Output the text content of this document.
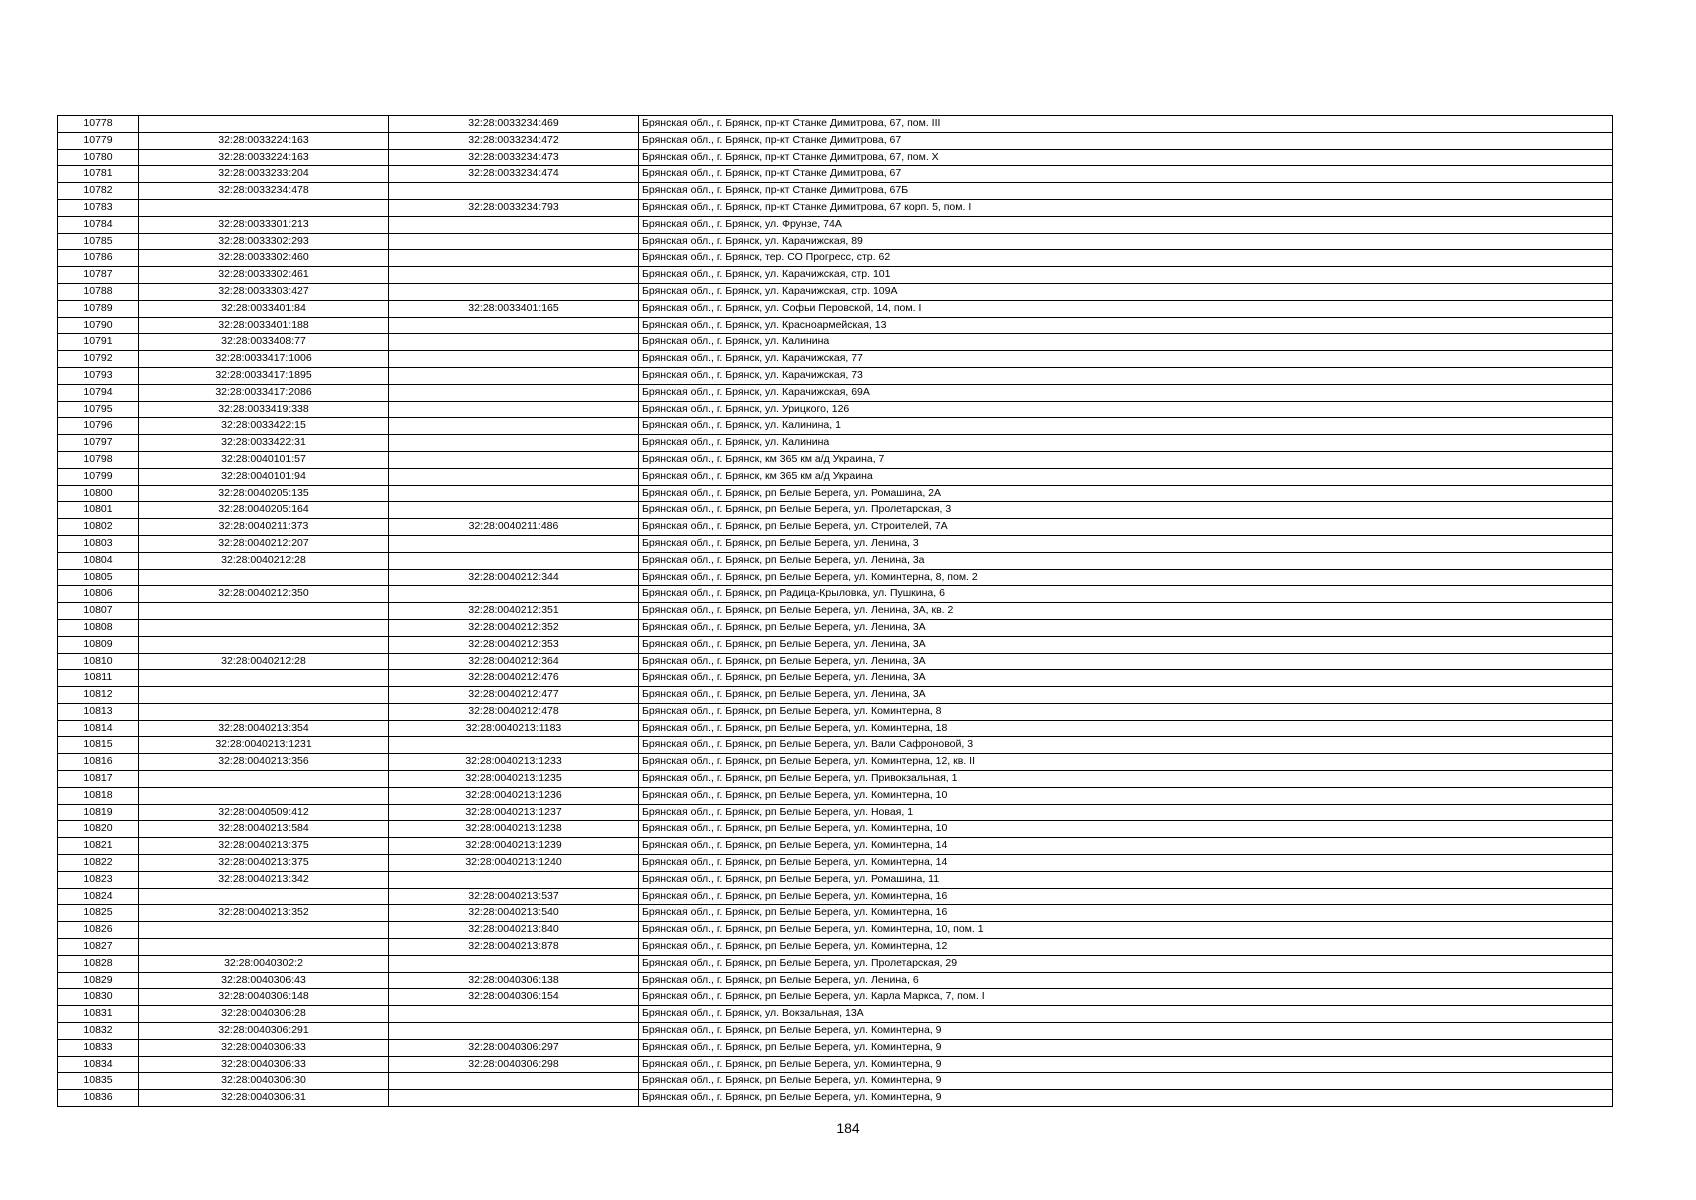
10778		32:28:0033234:469	Брянская обл., г. Брянск, пр-кт Станке Димитрова, 67, пом. III
10779	32:28:0033224:163	32:28:0033234:472	Брянская обл., г. Брянск, пр-кт Станке Димитрова, 67
10780	32:28:0033224:163	32:28:0033234:473	Брянская обл., г. Брянск, пр-кт Станке Димитрова, 67, пом. X
10781	32:28:0033233:204	32:28:0033234:474	Брянская обл., г. Брянск, пр-кт Станке Димитрова, 67
10782	32:28:0033234:478		Брянская обл., г. Брянск, пр-кт Станке Димитрова, 67Б
10783		32:28:0033234:793	Брянская обл., г. Брянск, пр-кт Станке Димитрова, 67 корп. 5, пом. I
10784	32:28:0033301:213		Брянская обл., г. Брянск, ул. Фрунзе, 74А
10785	32:28:0033302:293		Брянская обл., г. Брянск, ул. Карачижская, 89
10786	32:28:0033302:460		Брянская обл., г. Брянск, тер. СО Прогресс, стр. 62
10787	32:28:0033302:461		Брянская обл., г. Брянск, ул. Карачижская, стр. 101
10788	32:28:0033303:427		Брянская обл., г. Брянск, ул. Карачижская, стр. 109А
10789	32:28:0033401:84	32:28:0033401:165	Брянская обл., г. Брянск, ул. Софьи Перовской, 14, пом. I
10790	32:28:0033401:188		Брянская обл., г. Брянск, ул. Красноармейская, 13
10791	32:28:0033408:77		Брянская обл., г. Брянск, ул. Калинина
10792	32:28:0033417:1006		Брянская обл., г. Брянск, ул. Карачижская, 77
10793	32:28:0033417:1895		Брянская обл., г. Брянск, ул. Карачижская, 73
10794	32:28:0033417:2086		Брянская обл., г. Брянск, ул. Карачижская, 69А
10795	32:28:0033419:338		Брянская обл., г. Брянск, ул. Урицкого, 126
10796	32:28:0033422:15		Брянская обл., г. Брянск, ул. Калинина, 1
10797	32:28:0033422:31		Брянская обл., г. Брянск, ул. Калинина
10798	32:28:0040101:57		Брянская обл., г. Брянск, км 365 км а/д Украина, 7
10799	32:28:0040101:94		Брянская обл., г. Брянск, км 365 км а/д Украина
10800	32:28:0040205:135		Брянская обл., г. Брянск, рп Белые Берега, ул. Ромашина, 2А
10801	32:28:0040205:164		Брянская обл., г. Брянск, рп Белые Берега, ул. Пролетарская, 3
10802	32:28:0040211:373	32:28:0040211:486	Брянская обл., г. Брянск, рп Белые Берега, ул. Строителей, 7А
10803	32:28:0040212:207		Брянская обл., г. Брянск, рп Белые Берега, ул. Ленина, 3
10804	32:28:0040212:28		Брянская обл., г. Брянск, рп Белые Берега, ул. Ленина, 3а
10805		32:28:0040212:344	Брянская обл., г. Брянск, рп Белые Берега, ул. Коминтерна, 8, пом. 2
10806	32:28:0040212:350		Брянская обл., г. Брянск, рп Радица-Крыловка, ул. Пушкина, 6
10807		32:28:0040212:351	Брянская обл., г. Брянск, рп Белые Берега, ул. Ленина, 3А, кв. 2
10808		32:28:0040212:352	Брянская обл., г. Брянск, рп Белые Берега, ул. Ленина, 3А
10809		32:28:0040212:353	Брянская обл., г. Брянск, рп Белые Берега, ул. Ленина, 3А
10810	32:28:0040212:28	32:28:0040212:364	Брянская обл., г. Брянск, рп Белые Берега, ул. Ленина, 3А
10811		32:28:0040212:476	Брянская обл., г. Брянск, рп Белые Берега, ул. Ленина, 3А
10812		32:28:0040212:477	Брянская обл., г. Брянск, рп Белые Берега, ул. Ленина, 3А
10813		32:28:0040212:478	Брянская обл., г. Брянск, рп Белые Берега, ул. Коминтерна, 8
10814	32:28:0040213:354	32:28:0040213:1183	Брянская обл., г. Брянск, рп Белые Берега, ул. Коминтерна, 18
10815	32:28:0040213:1231		Брянская обл., г. Брянск, рп Белые Берега, ул. Вали Сафроновой, 3
10816	32:28:0040213:356	32:28:0040213:1233	Брянская обл., г. Брянск, рп Белые Берега, ул. Коминтерна, 12, кв. II
10817		32:28:0040213:1235	Брянская обл., г. Брянск, рп Белые Берега, ул. Привокзальная, 1
10818		32:28:0040213:1236	Брянская обл., г. Брянск, рп Белые Берега, ул. Коминтерна, 10
10819	32:28:0040509:412	32:28:0040213:1237	Брянская обл., г. Брянск, рп Белые Берега, ул. Новая, 1
10820	32:28:0040213:584	32:28:0040213:1238	Брянская обл., г. Брянск, рп Белые Берега, ул. Коминтерна, 10
10821	32:28:0040213:375	32:28:0040213:1239	Брянская обл., г. Брянск, рп Белые Берега, ул. Коминтерна, 14
10822	32:28:0040213:375	32:28:0040213:1240	Брянская обл., г. Брянск, рп Белые Берега, ул. Коминтерна, 14
10823	32:28:0040213:342		Брянская обл., г. Брянск, рп Белые Берега, ул. Ромашина, 11
10824		32:28:0040213:537	Брянская обл., г. Брянск, рп Белые Берега, ул. Коминтерна, 16
10825	32:28:0040213:352	32:28:0040213:540	Брянская обл., г. Брянск, рп Белые Берега, ул. Коминтерна, 16
10826		32:28:0040213:840	Брянская обл., г. Брянск, рп Белые Берега, ул. Коминтерна, 10, пом. 1
10827		32:28:0040213:878	Брянская обл., г. Брянск, рп Белые Берега, ул. Коминтерна, 12
10828	32:28:0040302:2		Брянская обл., г. Брянск, рп Белые Берега, ул. Пролетарская, 29
10829	32:28:0040306:43	32:28:0040306:138	Брянская обл., г. Брянск, рп Белые Берега, ул. Ленина, 6
10830	32:28:0040306:148	32:28:0040306:154	Брянская обл., г. Брянск, рп Белые Берега, ул. Карла Маркса, 7, пом. I
10831	32:28:0040306:28		Брянская обл., г. Брянск, ул. Вокзальная, 13А
10832	32:28:0040306:291		Брянская обл., г. Брянск, рп Белые Берега, ул. Коминтерна, 9
10833	32:28:0040306:33	32:28:0040306:297	Брянская обл., г. Брянск, рп Белые Берега, ул. Коминтерна, 9
10834	32:28:0040306:33	32:28:0040306:298	Брянская обл., г. Брянск, рп Белые Берега, ул. Коминтерна, 9
10835	32:28:0040306:30		Брянская обл., г. Брянск, рп Белые Берега, ул. Коминтерна, 9
10836	32:28:0040306:31		Брянская обл., г. Брянск, рп Белые Берега, ул. Коминтерна, 9
184
